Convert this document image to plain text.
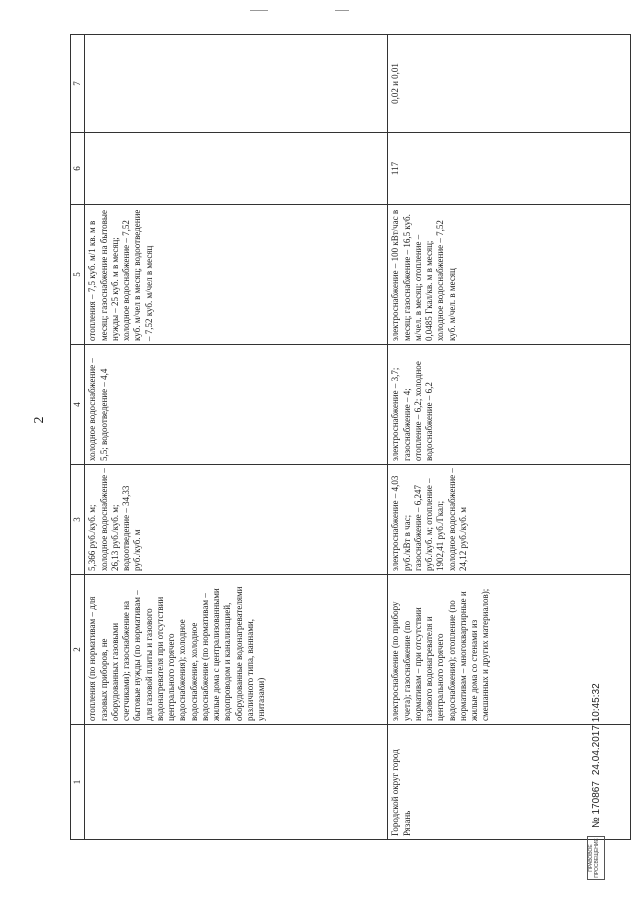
2
1	2	3	4	5	6	7
	отопления (по нормативам – для газовых приборов, не оборудованных газовыми счетчиками); газоснабжение на бытовые нужды (по нормативам – для газовой плиты и газового водонагревателя при отсутствии центрального горячего водоснабжения); холодное водоснабжение, холодное водоснабжение (по нормативам – жилые дома с централизованными водопроводом и канализацией, оборудованные водонагревателями различного типа, ваннами, унитазами)	5,366 руб./куб. м; холодное водоснабжение – 26,13 руб./куб. м; водоотведение – 34,33 руб./куб. м	холодное водоснабжение – 5,5; водоотведение – 4,4	отопления – 7,5 куб. м/1 кв. м в месяц; газоснабжение на бытовые нужды – 25 куб. м в месяц; холодное водоснабжение – 7,52 куб. м/чел в месяц; водоотведение – 7,52 куб. м/чел в месяц		
Городской округ город Рязань	электроснабжение (по прибору учета); газоснабжение (по нормативам – при отсутствии газового водонагревателя и центрального горячего водоснабжения); отопление (по нормативам – многоквартирные и жилые дома со стенами из смешанных и других материалов);	электроснабжение – 4,03 руб./кВт в час; газоснабжение – 6,247 руб./куб. м; отопление – 1902,41 руб./Гкал; холодное водоснабжение – 24,12 руб./куб. м	электроснабжение – 3,7; газоснабжение – 4; отопление – 6,2; холодное водоснабжение – 6,2	электроснабжение – 100 кВт/час в месяц; газоснабжение – 16,5 куб. м/чел. в месяц; отопление – 0,0485 Гкал/кв. м в месяц; холодное водоснабжение – 7,52 куб. м/чел. в месяц	117	0,02 и 0,01
ПРАВОВОЕ ПРОСВЕЩЕНИЕ
№ 170867
24.04.2017 10:45:32
